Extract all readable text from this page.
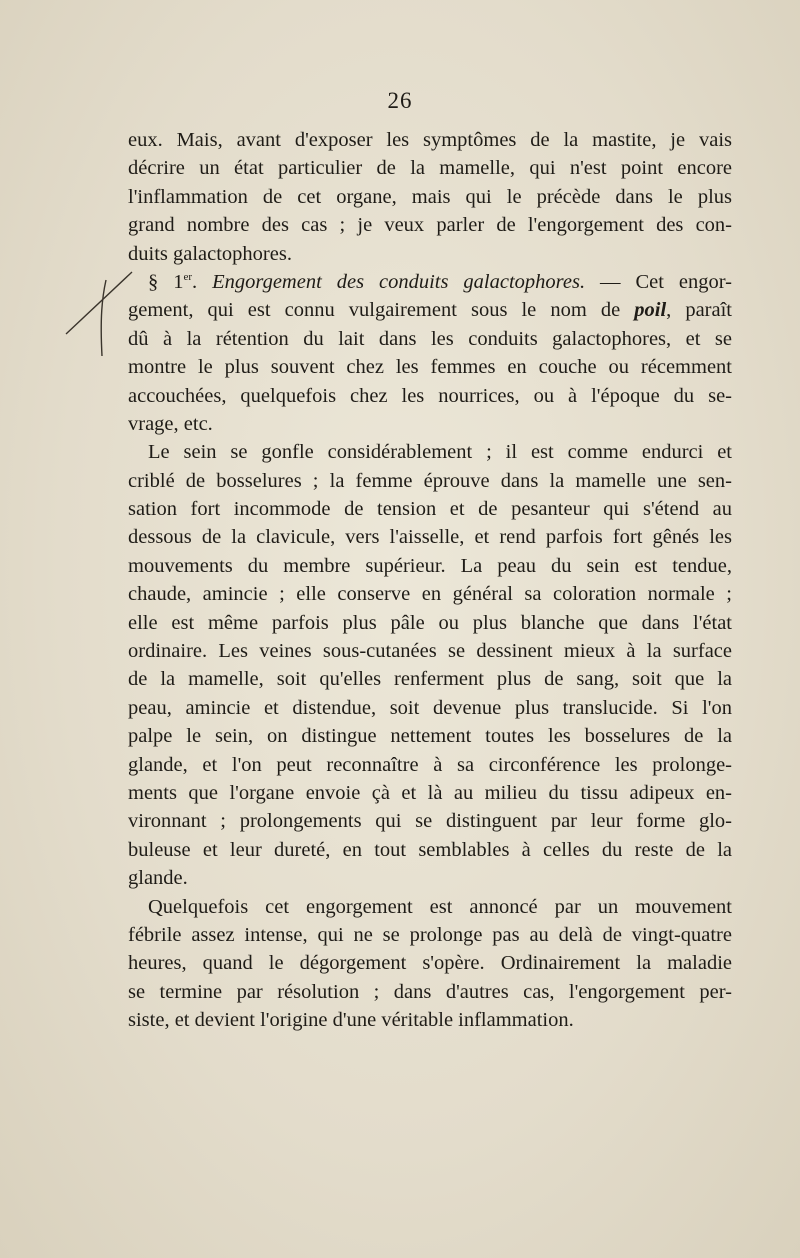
26
eux. Mais, avant d'exposer les symptômes de la mastite, je vais
décrire un état particulier de la mamelle, qui n'est point encore
l'inflammation de cet organe, mais qui le précède dans le plus
grand nombre des cas ; je veux parler de l'engorgement des con-
duits galactophores.
§ 1er. Engorgement des conduits galactophores. — Cet engor-
gement, qui est connu vulgairement sous le nom de poil, paraît
dû à la rétention du lait dans les conduits galactophores, et se
montre le plus souvent chez les femmes en couche ou récemment
accouchées, quelquefois chez les nourrices, ou à l'époque du se-
vrage, etc.
Le sein se gonfle considérablement ; il est comme endurci et
criblé de bosselures ; la femme éprouve dans la mamelle une sen-
sation fort incommode de tension et de pesanteur qui s'étend au
dessous de la clavicule, vers l'aisselle, et rend parfois fort gênés les
mouvements du membre supérieur. La peau du sein est tendue,
chaude, amincie ; elle conserve en général sa coloration normale ;
elle est même parfois plus pâle ou plus blanche que dans l'état
ordinaire. Les veines sous-cutanées se dessinent mieux à la surface
de la mamelle, soit qu'elles renferment plus de sang, soit que la
peau, amincie et distendue, soit devenue plus translucide. Si l'on
palpe le sein, on distingue nettement toutes les bosselures de la
glande, et l'on peut reconnaître à sa circonférence les prolonge-
ments que l'organe envoie çà et là au milieu du tissu adipeux en-
vironnant ; prolongements qui se distinguent par leur forme glo-
buleuse et leur dureté, en tout semblables à celles du reste de la
glande.
Quelquefois cet engorgement est annoncé par un mouvement
fébrile assez intense, qui ne se prolonge pas au delà de vingt-quatre
heures, quand le dégorgement s'opère. Ordinairement la maladie
se termine par résolution ; dans d'autres cas, l'engorgement per-
siste, et devient l'origine d'une véritable inflammation.
